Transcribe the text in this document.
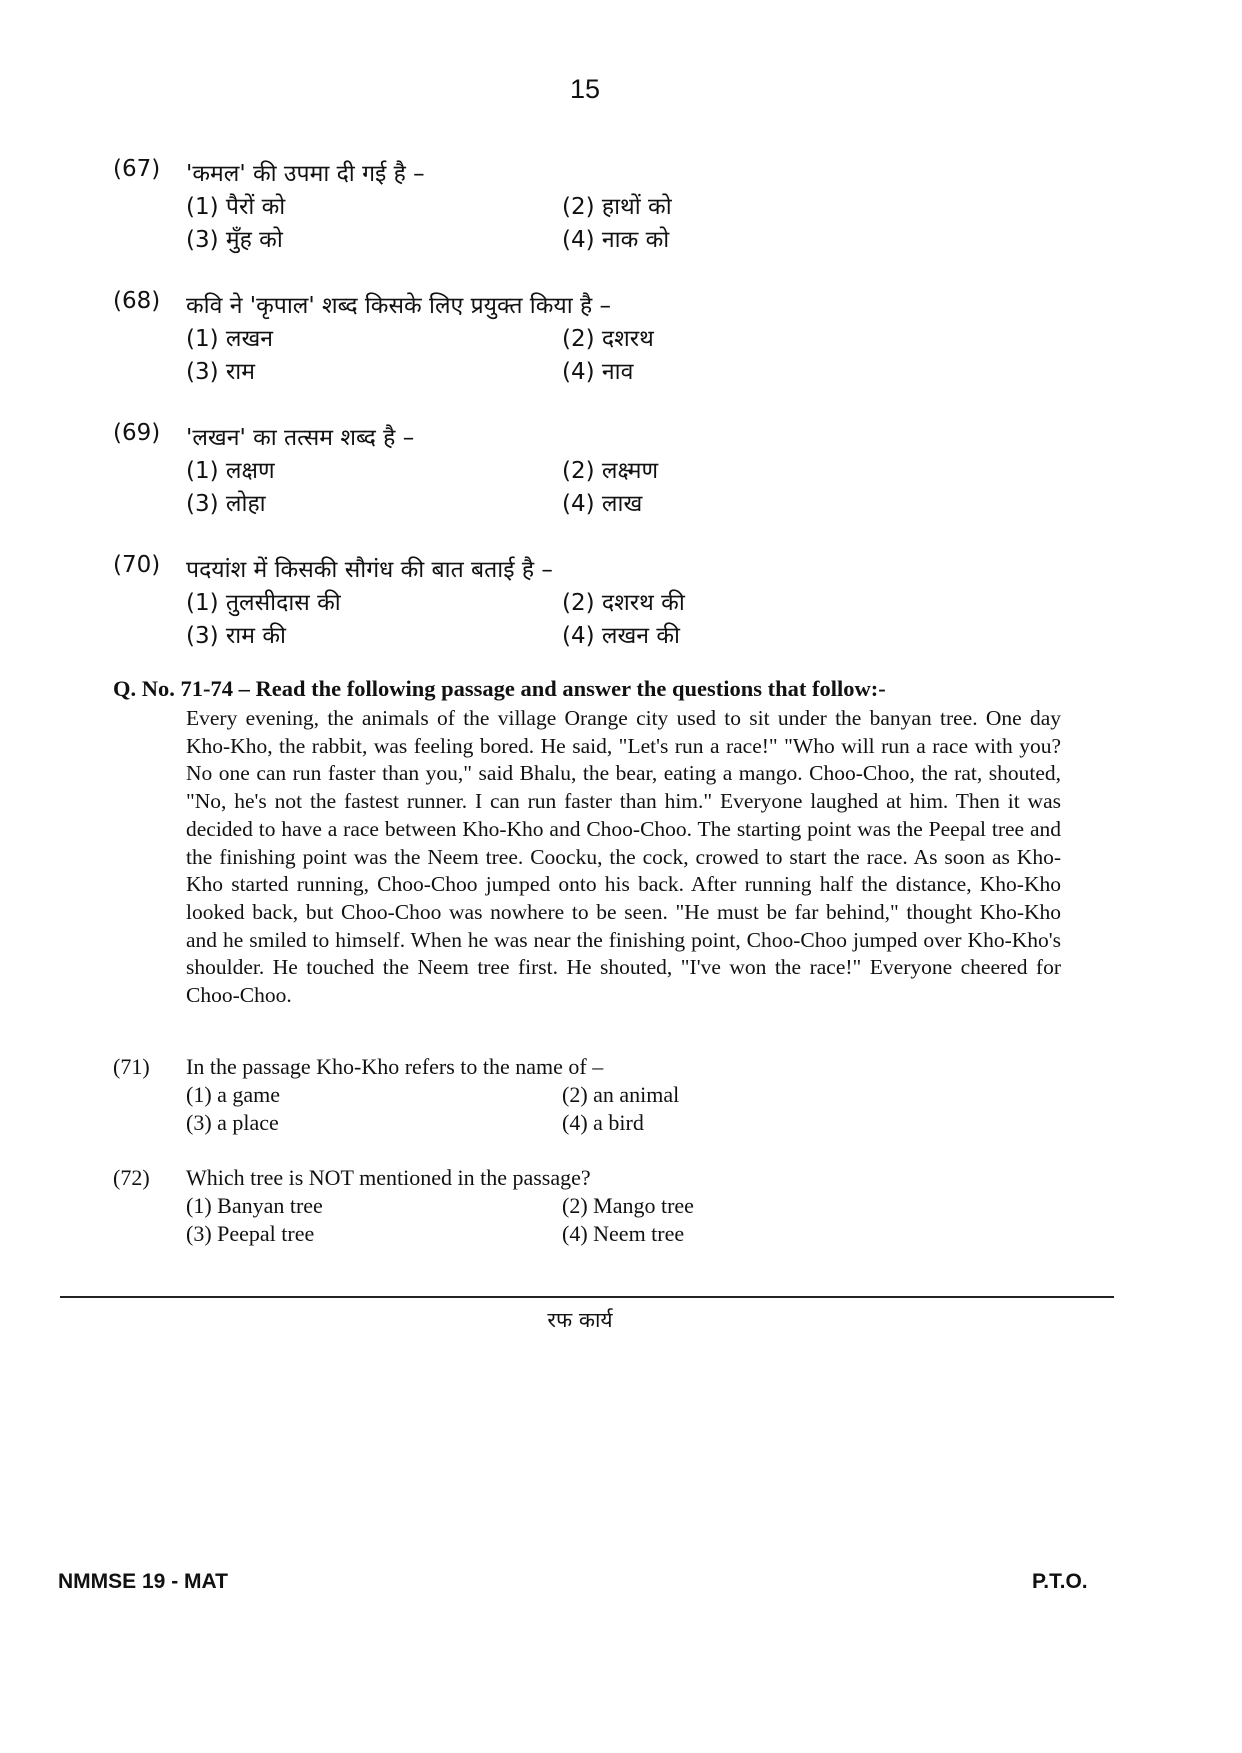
15
(67) 'कमल' की उपमा दी गई है –
(1) पैरों को	(2) हाथों को
(3) मुँह को	(4) नाक को
(68) कवि ने 'कृपाल' शब्द किसके लिए प्रयुक्त किया है –
(1) लखन	(2) दशरथ
(3) राम	(4) नाव
(69) 'लखन' का तत्सम शब्द है –
(1) लक्षण	(2) लक्ष्मण
(3) लोहा	(4) लाख
(70) पदयांश में किसकी सौगंध की बात बताई है –
(1) तुलसीदास की	(2) दशरथ की
(3) राम की	(4) लखन की
Q. No. 71-74 – Read the following passage and answer the questions that follow:-
Every evening, the animals of the village Orange city used to sit under the banyan tree. One day Kho-Kho, the rabbit, was feeling bored. He said, "Let's run a race!" "Who will run a race with you? No one can run faster than you," said Bhalu, the bear, eating a mango. Choo-Choo, the rat, shouted, "No, he's not the fastest runner. I can run faster than him." Everyone laughed at him. Then it was decided to have a race between Kho-Kho and Choo-Choo. The starting point was the Peepal tree and the finishing point was the Neem tree. Coocku, the cock, crowed to start the race. As soon as Kho-Kho started running, Choo-Choo jumped onto his back. After running half the distance, Kho-Kho looked back, but Choo-Choo was nowhere to be seen. "He must be far behind," thought Kho-Kho and he smiled to himself. When he was near the finishing point, Choo-Choo jumped over Kho-Kho's shoulder. He touched the Neem tree first. He shouted, "I've won the race!" Everyone cheered for Choo-Choo.
(71) In the passage Kho-Kho refers to the name of –
(1) a game	(2) an animal
(3) a place	(4) a bird
(72) Which tree is NOT mentioned in the passage?
(1) Banyan tree	(2) Mango tree
(3) Peepal tree	(4) Neem tree
रफ कार्य
NMMSE 19 - MAT	P.T.O.
